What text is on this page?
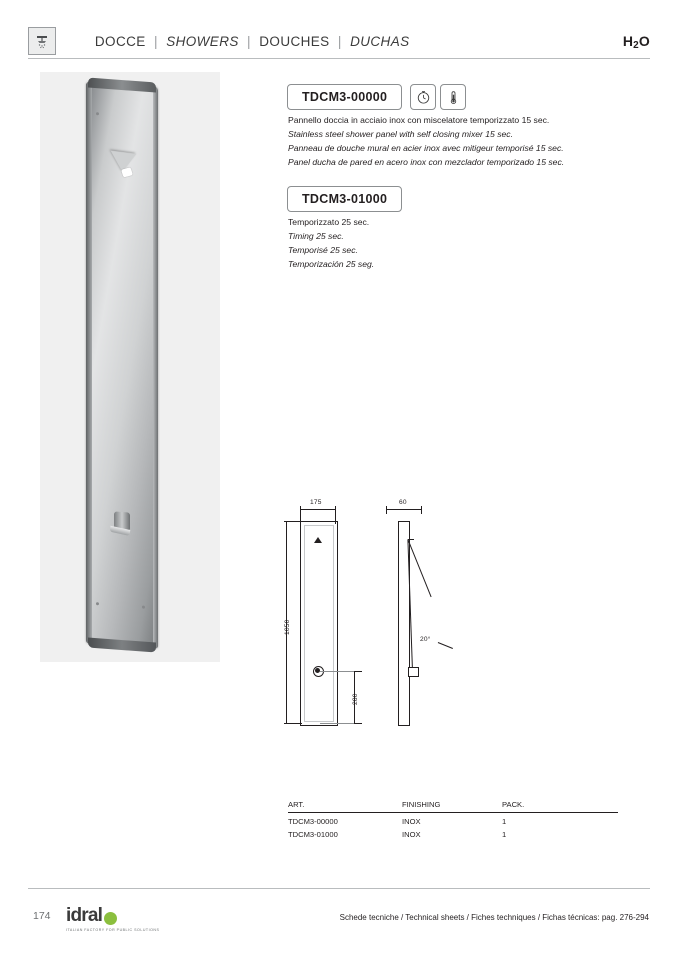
DOCCE  |  SHOWERS  |  DOUCHES  |  DUCHAS
	$H_2O$
TDCM3-00000
Pannello doccia in acciaio inox con miscelatore temporizzato 15 sec.
Stainless steel shower panel with self closing mixer 15 sec.
Panneau de douche mural en acier inox avec mitigeur temporisé 15 sec.
Panel ducha de pared en acero inox con mezclador temporizado 15 sec.
TDCM3-01000
Temporizzato 25 sec.
Timing 25 sec.
Temporisé 25 sec.
Temporización 25 seg.
175
1050
280
60
20°
ART.	FINISHING	PACK.
TDCM3-00000	INOX	1
TDCM3-01000	INOX	1
174 idral
ITALIAN FACTORY FOR PUBLIC SOLUTIONS
Schede tecniche / Technical sheets / Fiches techniques / Fichas técnicas: pag. 276-294
